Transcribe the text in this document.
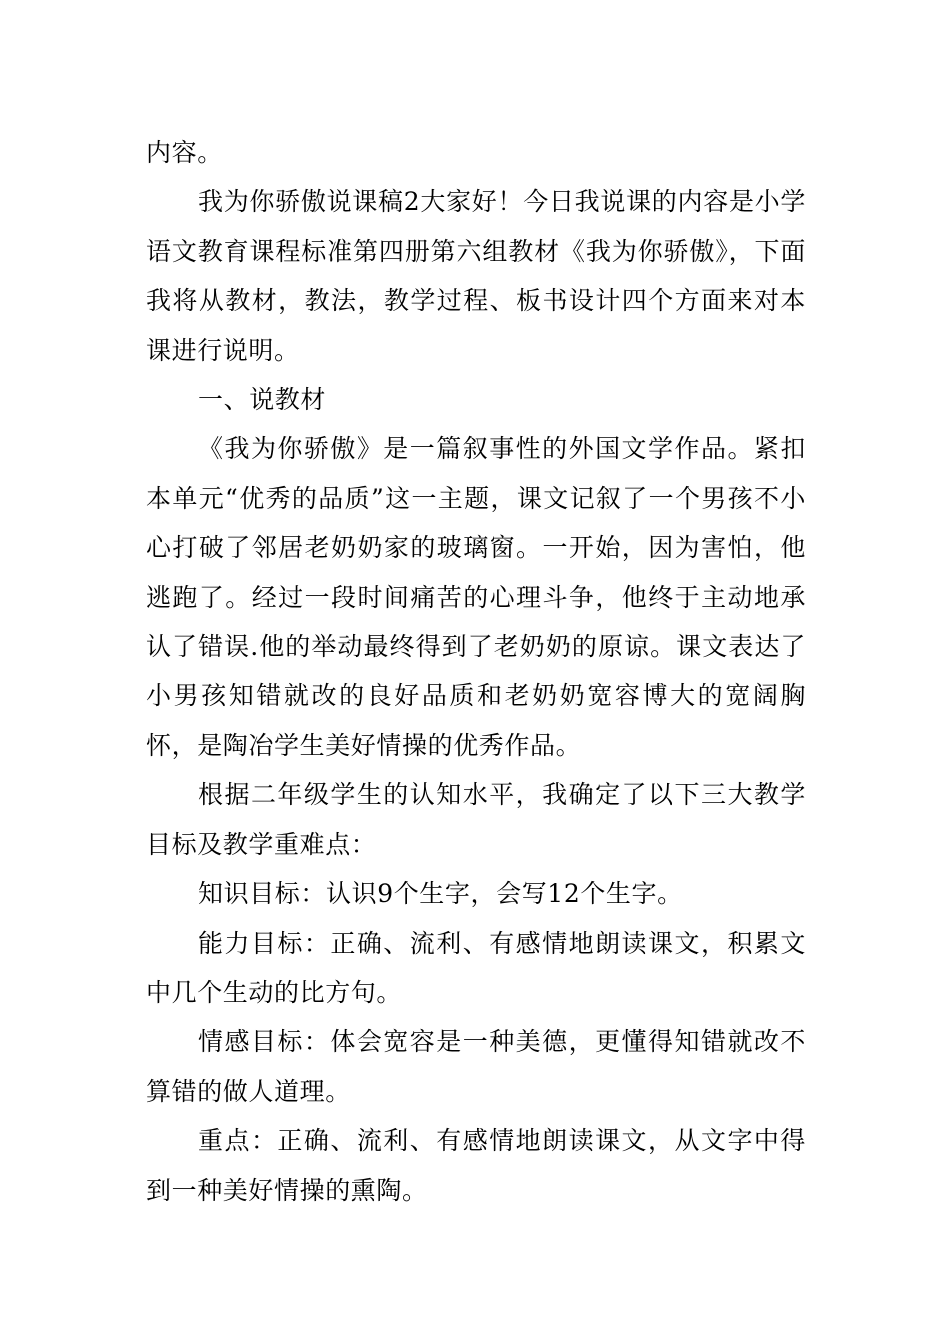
内容。

我为你骄傲说课稿2大家好！今日我说课的内容是小学语文教育课程标准第四册第六组教材《我为你骄傲》，下面我将从教材，教法，教学过程、板书设计四个方面来对本课进行说明。

一、说教材

《我为你骄傲》是一篇叙事性的外国文学作品。紧扣本单元“优秀的品质”这一主题，课文记叙了一个男孩不小心打破了邻居老奶奶家的玻璃窗。一开始，因为害怕，他逃跑了。经过一段时间痛苦的心理斗争，他终于主动地承认了错误.他的举动最终得到了老奶奶的原谅。课文表达了小男孩知错就改的良好品质和老奶奶宽容博大的宽阔胸怀，是陶冶学生美好情操的优秀作品。

根据二年级学生的认知水平，我确定了以下三大教学目标及教学重难点：

知识目标：认识9个生字，会写12个生字。

能力目标：正确、流利、有感情地朗读课文，积累文中几个生动的比方句。

情感目标：体会宽容是一种美德，更懂得知错就改不算错的做人道理。

重点：正确、流利、有感情地朗读课文，从文字中得到一种美好情操的熏陶。
